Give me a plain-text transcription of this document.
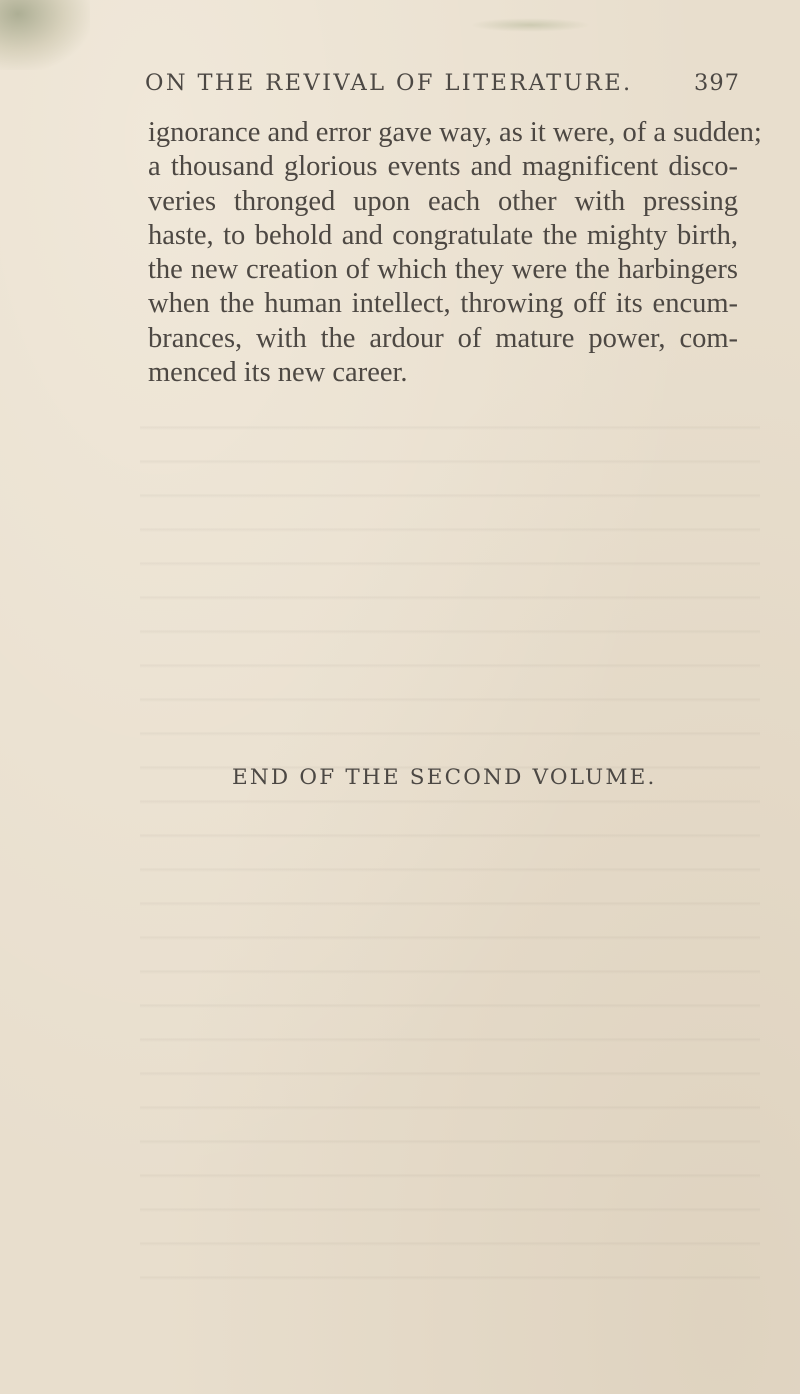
ON THE REVIVAL OF LITERATURE.	397
ignorance and error gave way, as it were, of a sudden;
a thousand glorious events and magnificent disco-
veries thronged upon each other with pressing
haste, to behold and congratulate the mighty birth,
the new creation of which they were the harbingers
when the human intellect, throwing off its encum-
brances, with the ardour of mature power, com-
menced its new career.
END OF THE SECOND VOLUME.
